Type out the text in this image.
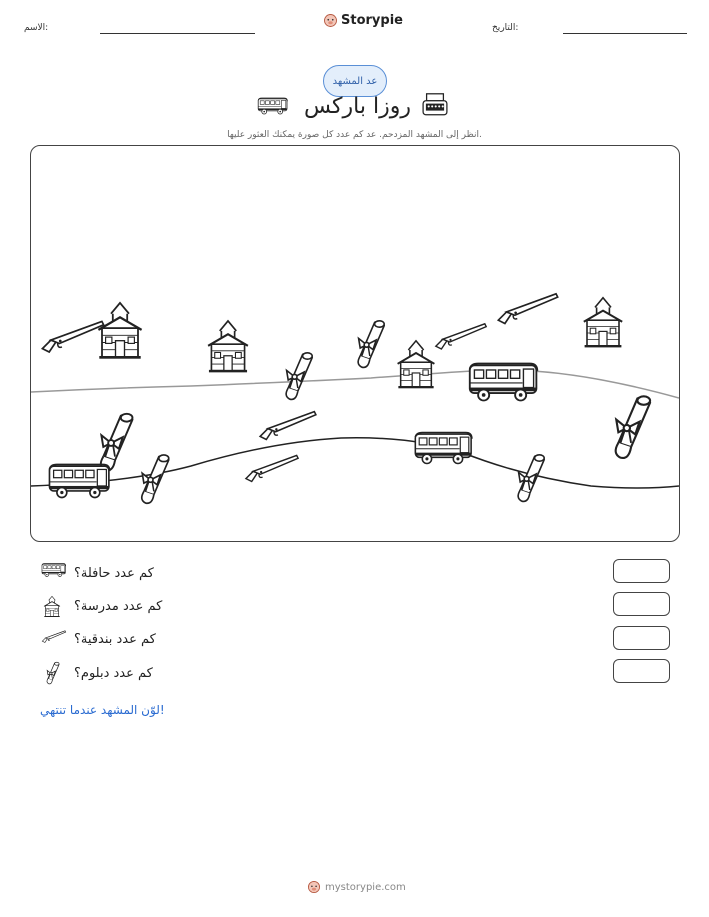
الاسم:	Storypie	التاريخ:
عد المشهد
روزا باركس
انظر إلى المشهد المزدحم. عد كم عدد كل صورة يمكنك العثور عليها.
كم عدد حافلة؟
كم عدد مدرسة؟
كم عدد بندقية؟
كم عدد دبلوم؟
لوّن المشهد عندما تنتهي!
mystorypie.com
